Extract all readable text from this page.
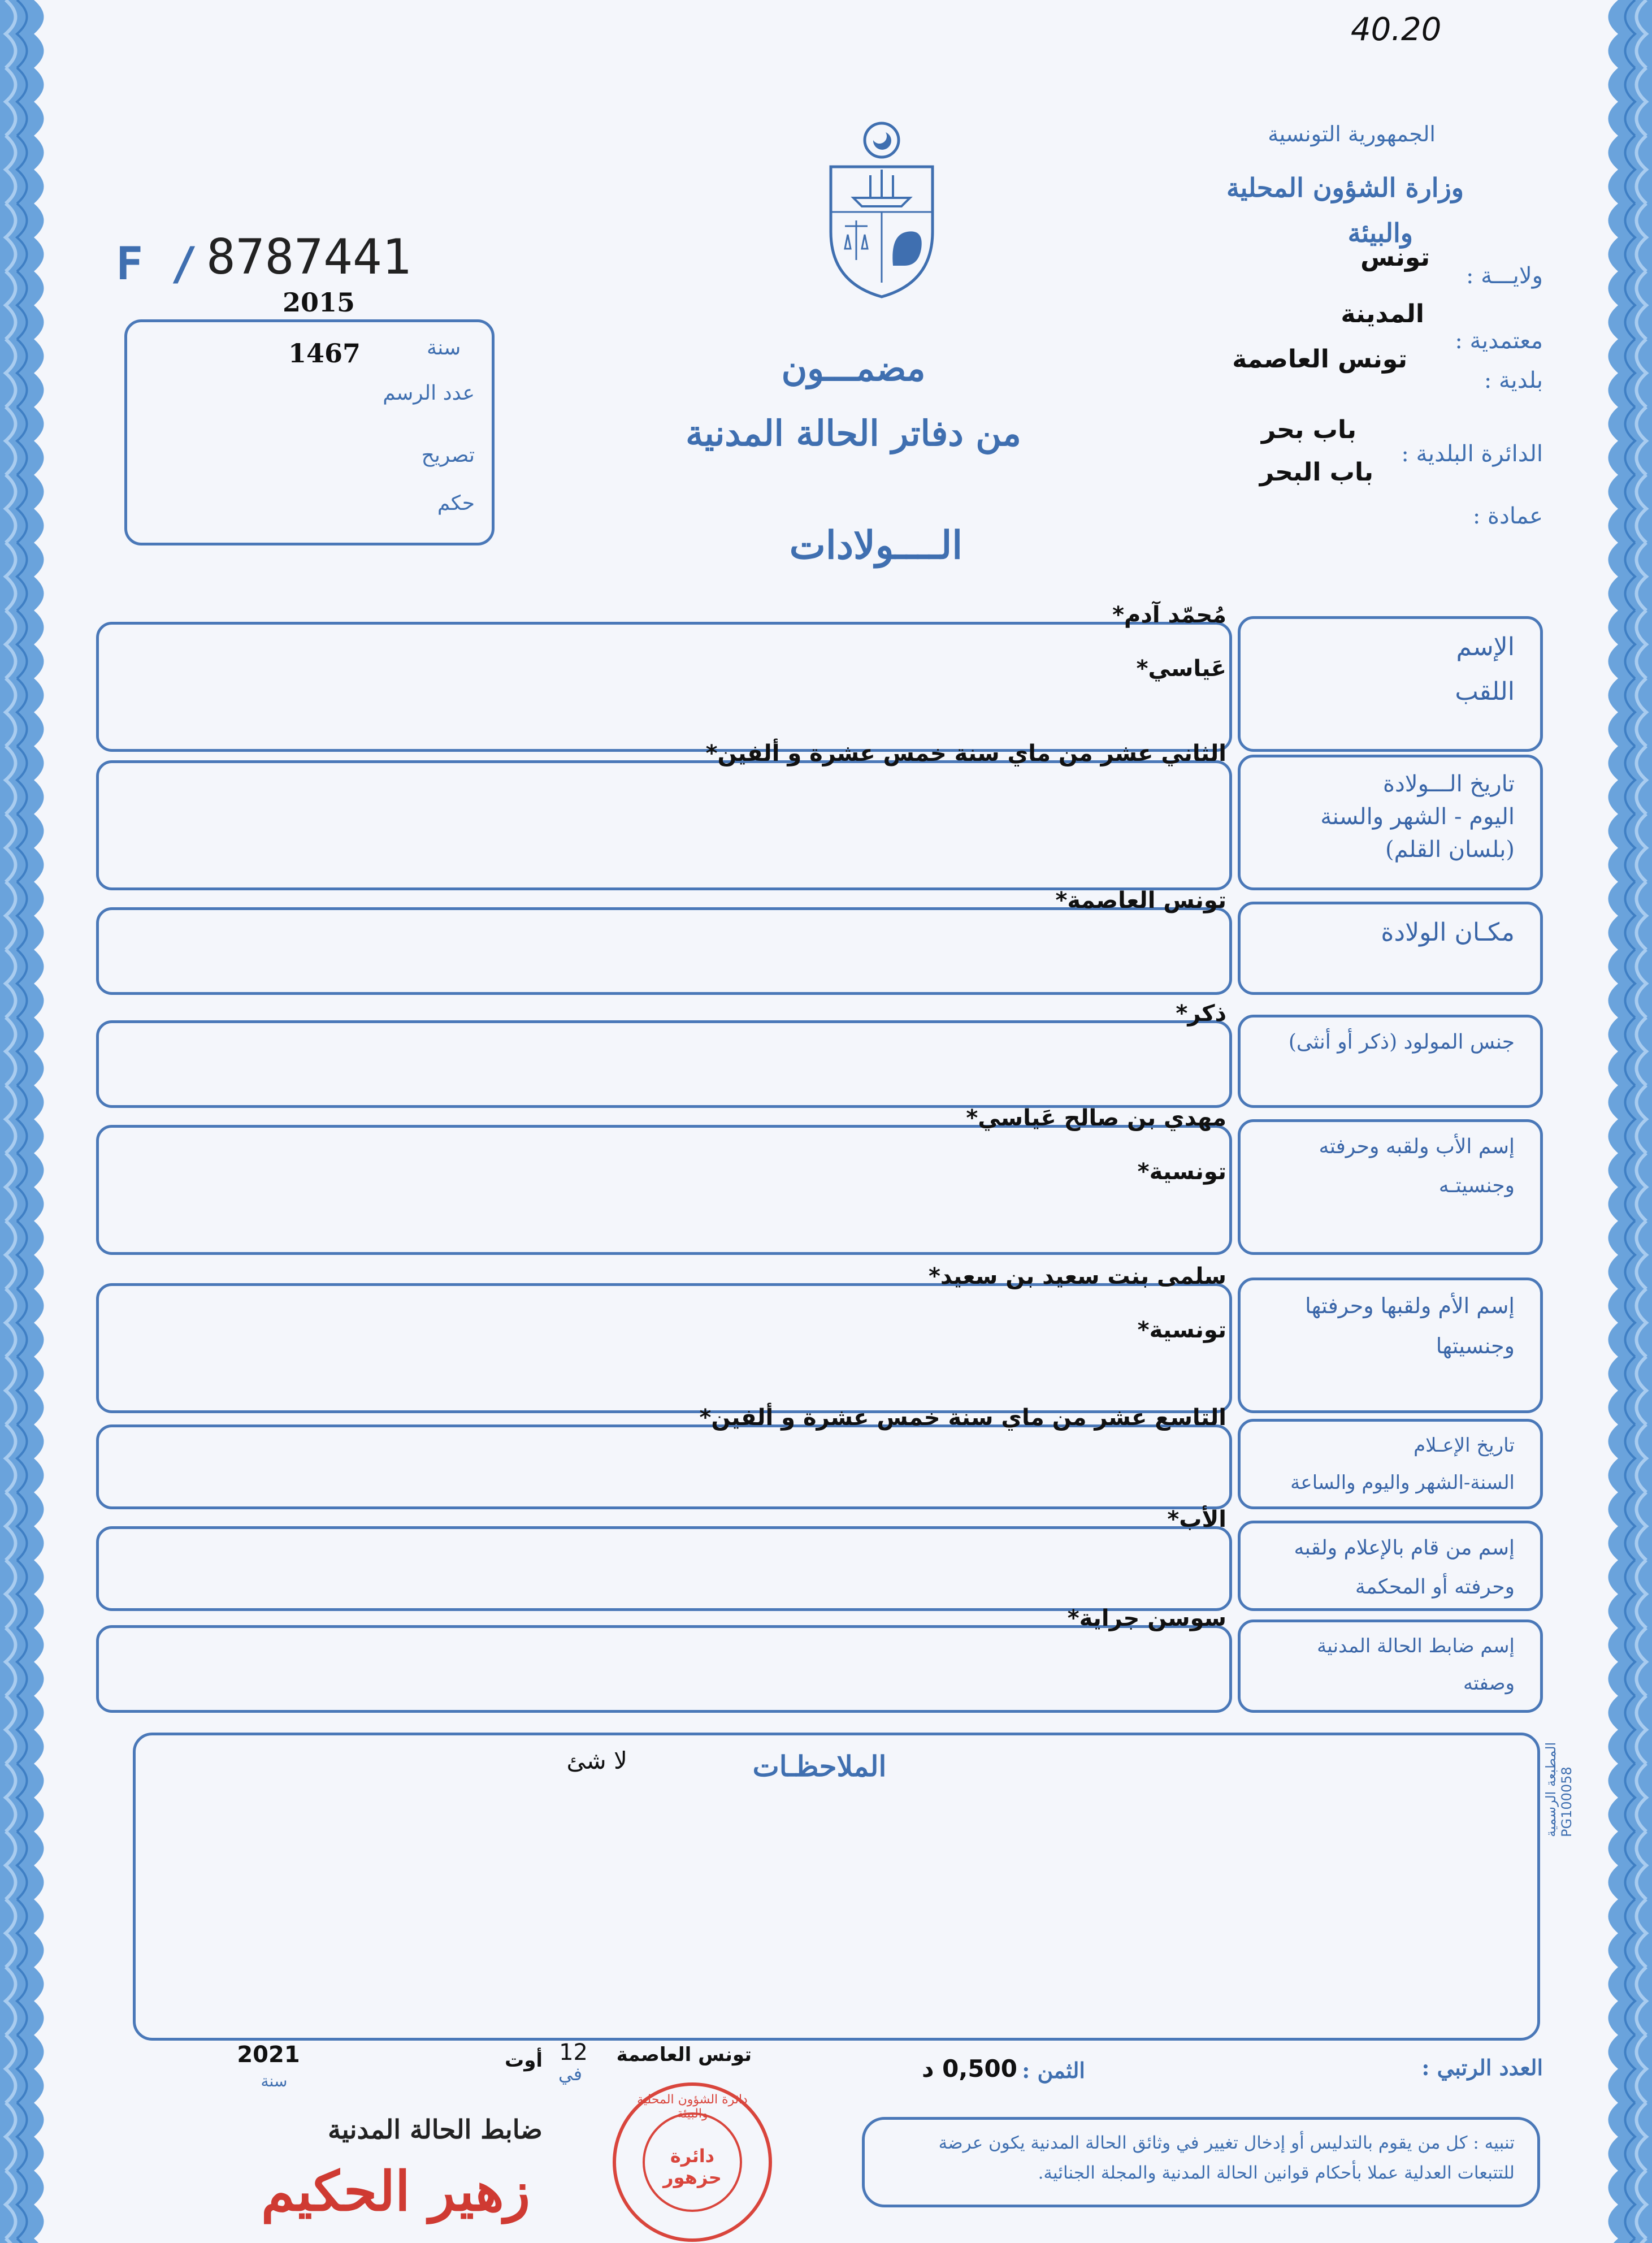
40.20
الجمهورية التونسية
وزارة الشؤون المحلية
والبيئة
ولايـــة :
تونس
معتمدية :
المدينة
بلدية :
تونس العاصمة
الدائرة البلدية :
باب بحر
باب البحر
عمادة :
F / 8787441
2015
سنة
1467
عدد الرسم
تصريح
حكم
مضمـــون
من دفاتر الحالة المدنية
الــــولادات
الإسم
اللقب
مُحمّد آدم*
عَياسي*
تاريخ الـــولادة
اليوم - الشهر والسنة
(بلسان القلم)
الثاني عشر من ماي سنة خمس عشرة و ألفين*
مكـان الولادة
تونس العاصمة*
جنس المولود (ذكر أو أنثى)
ذكر*
إسم الأب ولقبه وحرفته
وجنسيتـه
مهدي بن صالح عَياسي*
تونسية*
إسم الأم ولقبها وحرفتها
وجنسيتها
سلمى بنت سعيد بن سعيد*
تونسية*
تاريخ الإعـلام
السنة-الشهر واليوم والساعة
التاسع عشر من ماي سنة خمس عشرة و ألفين*
إسم من قام بالإعلام ولقبه
وحرفته أو المحكمة
الأب*
إسم ضابط الحالة المدنية
وصفته
سوسن جراية*
الملاحظـات
لا شئ	المطبعة الرسمية PG100058
العدد الرتبي :
الثمن :
0,500 د
تونس العاصمة
في
12
أوت
2021
سنة
ضابط الحالة المدنية
زهير الحكيم
دائرة الشؤون المحلية والبيئة
دائرة حزهور
تنبيه : كل من يقوم بالتدليس أو إدخال تغيير في وثائق الحالة المدنية يكون عرضة للتتبعات العدلية عملا بأحكام قوانين الحالة المدنية والمجلة الجنائية.
